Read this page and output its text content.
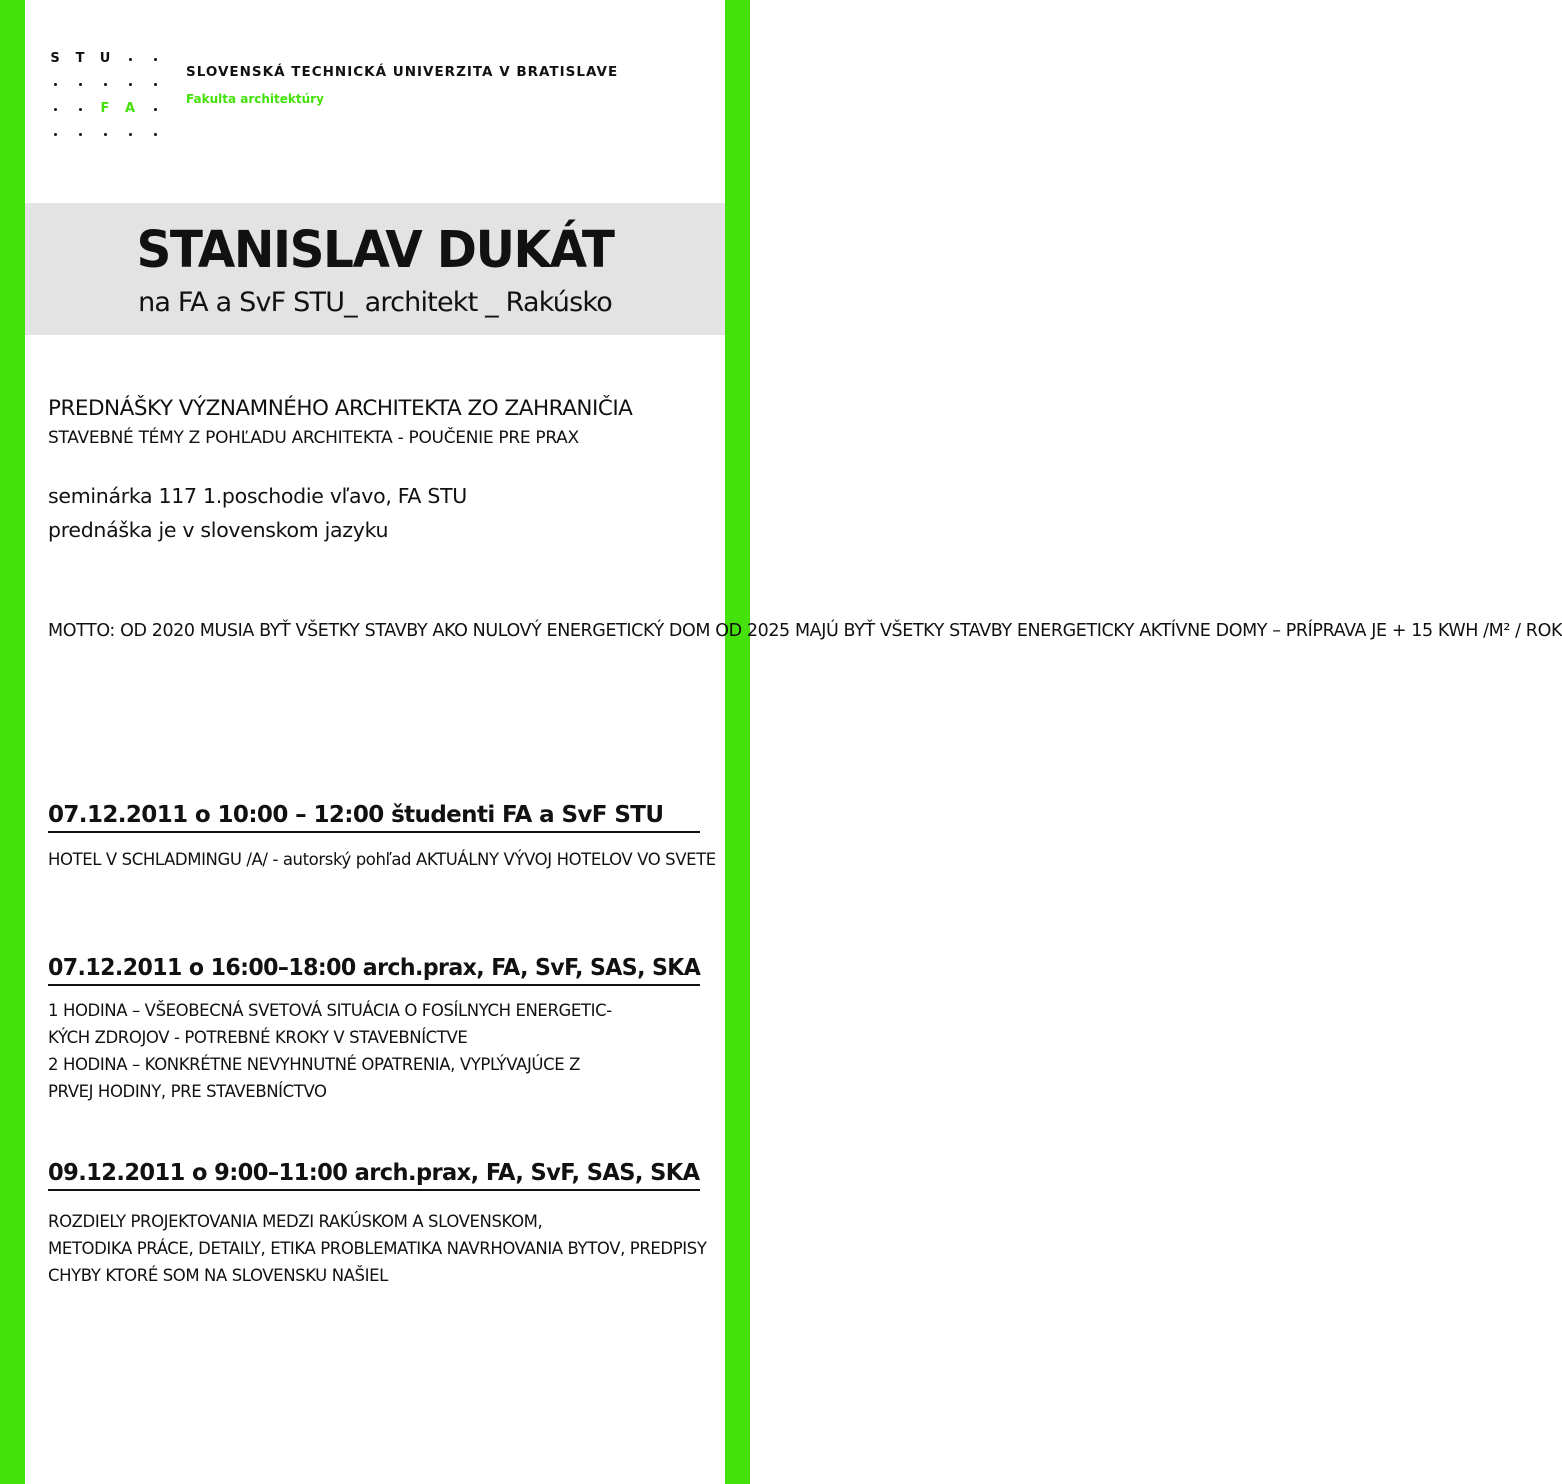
S T U
F A
SLOVENSKÁ TECHNICKÁ UNIVERZITA V BRATISLAVE
Fakulta architektúry
STANISLAV DUKÁT
na FA a SvF STU_ architekt _ Rakúsko
PREDNÁŠKY VÝZNAMNÉHO ARCHITEKTA ZO ZAHRANIČIA
STAVEBNÉ TÉMY Z POHĽADU ARCHITEKTA - POUČENIE PRE PRAX
seminárka 117 1.poschodie vľavo, FA STU
prednáška je v slovenskom jazyku
MOTTO: OD 2020 MUSIA BYŤ VŠETKY STAVBY AKO NULOVÝ ENERGETICKÝ DOM OD 2025 MAJÚ BYŤ VŠETKY STAVBY ENERGETICKY AKTÍVNE DOMY – PRÍPRAVA JE + 15 KWH /M² / ROK
07.12.2011 o 10:00 – 12:00 študenti FA a SvF STU
HOTEL V SCHLADMINGU /A/ - autorský pohľad AKTUÁLNY VÝVOJ HOTELOV VO SVETE
07.12.2011 o 16:00–18:00 arch.prax, FA, SvF, SAS, SKA
1 HODINA – VŠEOBECNÁ SVETOVÁ SITUÁCIA O FOSÍLNYCH ENERGETIC- KÝCH ZDROJOV - POTREBNÉ KROKY V STAVEBNÍCTVE 2 HODINA – KONKRÉTNE NEVYHNUTNÉ OPATRENIA, VYPLÝVAJÚCE Z PRVEJ HODINY, PRE STAVEBNÍCTVO
09.12.2011 o 9:00–11:00 arch.prax, FA, SvF, SAS, SKA
ROZDIELY PROJEKTOVANIA MEDZI RAKÚSKOM A SLOVENSKOM, METODIKA PRÁCE, DETAILY, ETIKA PROBLEMATIKA NAVRHOVANIA BYTOV, PREDPISY CHYBY KTORÉ SOM NA SLOVENSKU NAŠIEL
